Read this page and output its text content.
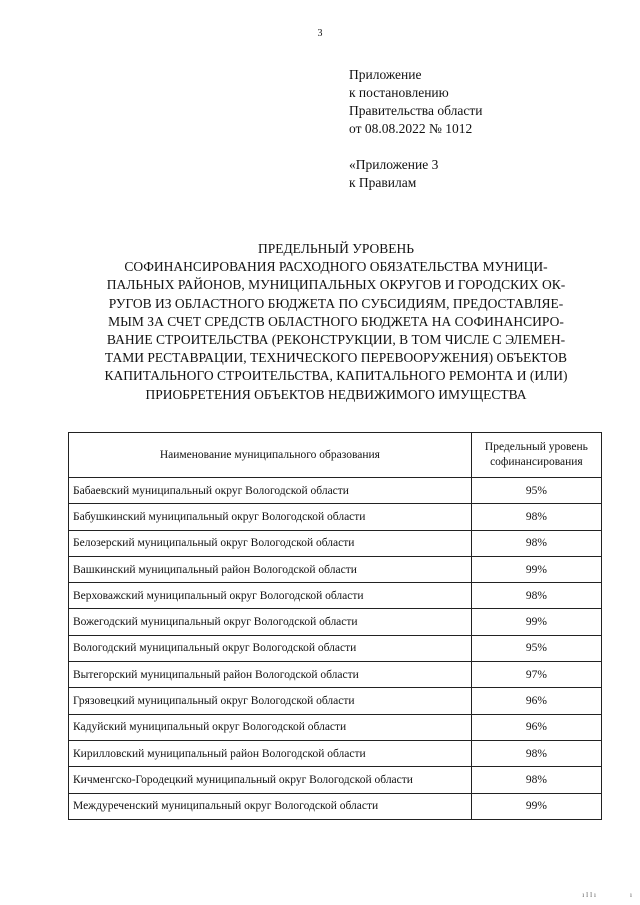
3
Приложение
к постановлению
Правительства области
от 08.08.2022 № 1012
«Приложение 3
к Правилам
ПРЕДЕЛЬНЫЙ УРОВЕНЬ
СОФИНАНСИРОВАНИЯ РАСХОДНОГО ОБЯЗАТЕЛЬСТВА МУНИЦИ-
ПАЛЬНЫХ РАЙОНОВ, МУНИЦИПАЛЬНЫХ ОКРУГОВ И ГОРОДСКИХ ОК-
РУГОВ ИЗ ОБЛАСТНОГО БЮДЖЕТА ПО СУБСИДИЯМ, ПРЕДОСТАВЛЯЕ-
МЫМ ЗА СЧЕТ СРЕДСТВ ОБЛАСТНОГО БЮДЖЕТА НА СОФИНАНСИРО-
ВАНИЕ СТРОИТЕЛЬСТВА (РЕКОНСТРУКЦИИ, В ТОМ ЧИСЛЕ С ЭЛЕМЕН-
ТАМИ РЕСТАВРАЦИИ, ТЕХНИЧЕСКОГО ПЕРЕВООРУЖЕНИЯ) ОБЪЕКТОВ
КАПИТАЛЬНОГО СТРОИТЕЛЬСТВА, КАПИТАЛЬНОГО РЕМОНТА И (ИЛИ)
ПРИОБРЕТЕНИЯ ОБЪЕКТОВ НЕДВИЖИМОГО ИМУЩЕСТВА
Наименование муниципального образования	Предельный уровень
софинансирования

Бабаевский муниципальный округ Вологодской области	95%
Бабушкинский муниципальный округ Вологодской области	98%
Белозерский муниципальный округ Вологодской области	98%
Вашкинский муниципальный район Вологодской области	99%
Верховажский муниципальный округ Вологодской области	98%
Вожегодский муниципальный округ Вологодской области	99%
Вологодский муниципальный округ Вологодской области	95%
Вытегорский муниципальный район Вологодской области	97%
Грязовецкий муниципальный округ Вологодской области	96%
Кадуйский муниципальный округ Вологодской области	96%
Кирилловский муниципальный район Вологодской области	98%
Кичменгско-Городецкий муниципальный округ Вологодской области	98%
Междуреченский муниципальный округ Вологодской области	99%
ıllı	ı
